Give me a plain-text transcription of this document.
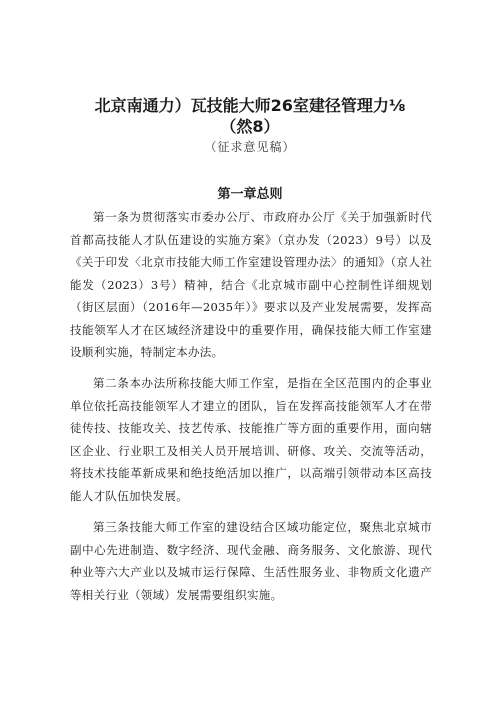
北京南通力）瓦技能大师26室建径管理力⅛
（然8）
（征求意见稿）
第一章总则

第一条为贯彻落实市委办公厅、市政府办公厅《关于加强新时代首都高技能人才队伍建设的实施方案》（京办发（2023）9号）以及《关于印发〈北京市技能大师工作室建设管理办法〉的通知》（京人社能发（2023）3号）精神，结合《北京城市副中心控制性详细规划（街区层面）（2016年—2035年）》要求以及产业发展需要，发挥高技能领军人才在区域经济建设中的重要作用，确保技能大师工作室建设顺利实施，特制定本办法。

第二条本办法所称技能大师工作室，是指在全区范围内的企事业单位依托高技能领军人才建立的团队，旨在发挥高技能领军人才在带徒传技、技能攻关、技艺传承、技能推广等方面的重要作用，面向辖区企业、行业职工及相关人员开展培训、研修、攻关、交流等活动，将技术技能革新成果和绝技绝活加以推广，以高端引领带动本区高技能人才队伍加快发展。

第三条技能大师工作室的建设结合区域功能定位，聚焦北京城市副中心先进制造、数字经济、现代金融、商务服务、文化旅游、现代种业等六大产业以及城市运行保障、生活性服务业、非物质文化遗产等相关行业（领域）发展需要组织实施。
